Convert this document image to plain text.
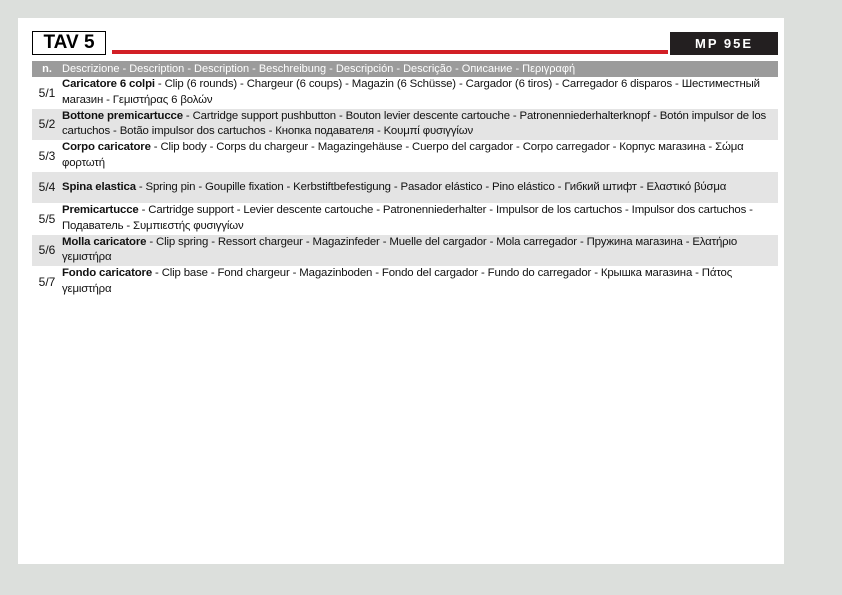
TAV 5	MP 95E
n.	Descrizione - Description - Description - Beschreibung - Descripción - Descrição - Описание - Περιγραφή
5/1	Caricatore 6 colpi - Clip (6 rounds) - Chargeur (6 coups) - Magazin (6 Schüsse) - Cargador (6 tiros) - Carregador 6 disparos - Шестиместный магазин - Γεμιστήρας 6 βολών
5/2	Bottone premicartucce - Cartridge support pushbutton - Bouton levier descente cartouche - Patronenniederhalterknopf - Botón impulsor de los cartuchos - Botão impulsor dos cartuchos - Кнопка подавателя - Κουμπί φυσιγγίων
5/3	Corpo caricatore - Clip body - Corps du chargeur - Magazingehäuse - Cuerpo del cargador - Corpo carregador - Корпус магазина - Σώμα φορτωτή
5/4	Spina elastica - Spring pin - Goupille fixation - Kerbstiftbefestigung - Pasador elástico - Pino elástico - Гибкий штифт - Ελαστικό βύσμα
5/5	Premicartucce - Cartridge support - Levier descente cartouche - Patronenniederhalter - Impulsor de los cartuchos - Impulsor dos cartuchos - Подаватель - Συμπιεστής φυσιγγίων
5/6	Molla caricatore - Clip spring - Ressort chargeur - Magazinfeder - Muelle del cargador - Mola carregador - Пружина магазина - Ελατήριο γεμιστήρα
5/7	Fondo caricatore - Clip base - Fond chargeur - Magazinboden - Fondo del cargador - Fundo do carregador - Крышка магазина - Πάτος γεμιστήρα
